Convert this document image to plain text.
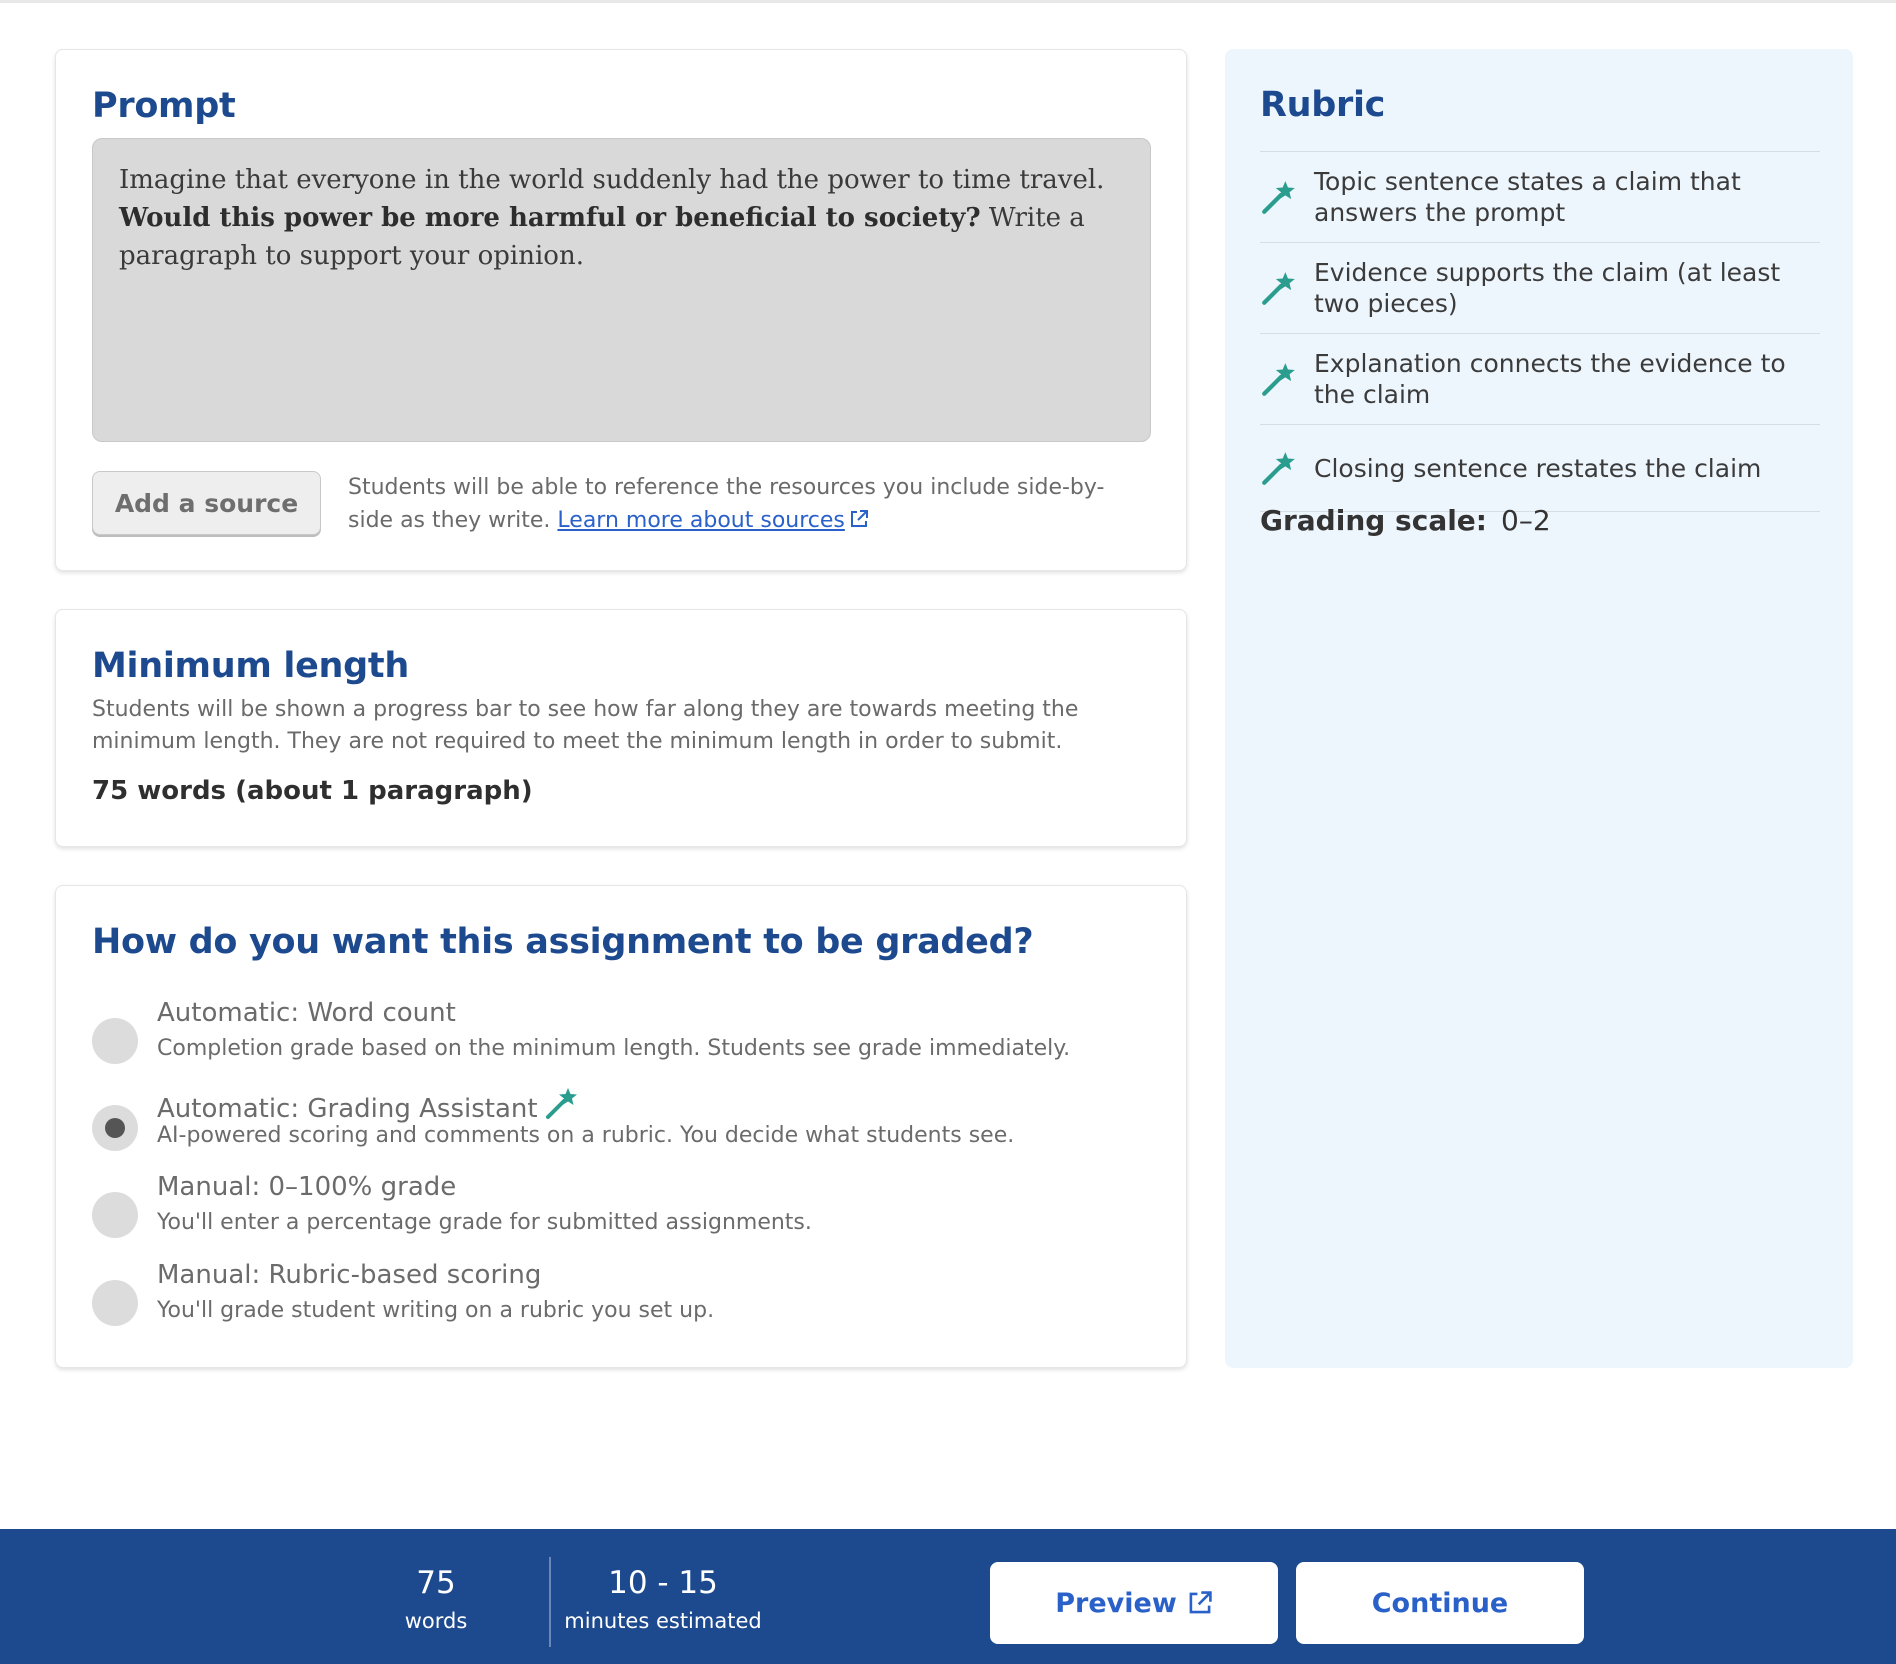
Prompt
Imagine that everyone in the world suddenly had the power to time travel. Would this power be more harmful or beneficial to society? Write a paragraph to support your opinion.
Add a source
Students will be able to reference the resources you include side-by-side as they write. Learn more about sources
Minimum length

Students will be shown a progress bar to see how far along they are towards meeting the minimum length. They are not required to meet the minimum length in order to submit.

75 words (about 1 paragraph)
How do you want this assignment to be graded?
Automatic: Word count
Completion grade based on the minimum length. Students see grade immediately.
Automatic: Grading Assistant
AI-powered scoring and comments on a rubric. You decide what students see.
Manual: 0–100% grade
You'll enter a percentage grade for submitted assignments.
Manual: Rubric-based scoring
You'll grade student writing on a rubric you set up.
Rubric
Topic sentence states a claim that answers the prompt
Evidence supports the claim (at least two pieces)
Explanation connects the evidence to the claim
Closing sentence restates the claim
Grading scale: 0–2
75
words
10 - 15
minutes estimated
Preview	Continue
